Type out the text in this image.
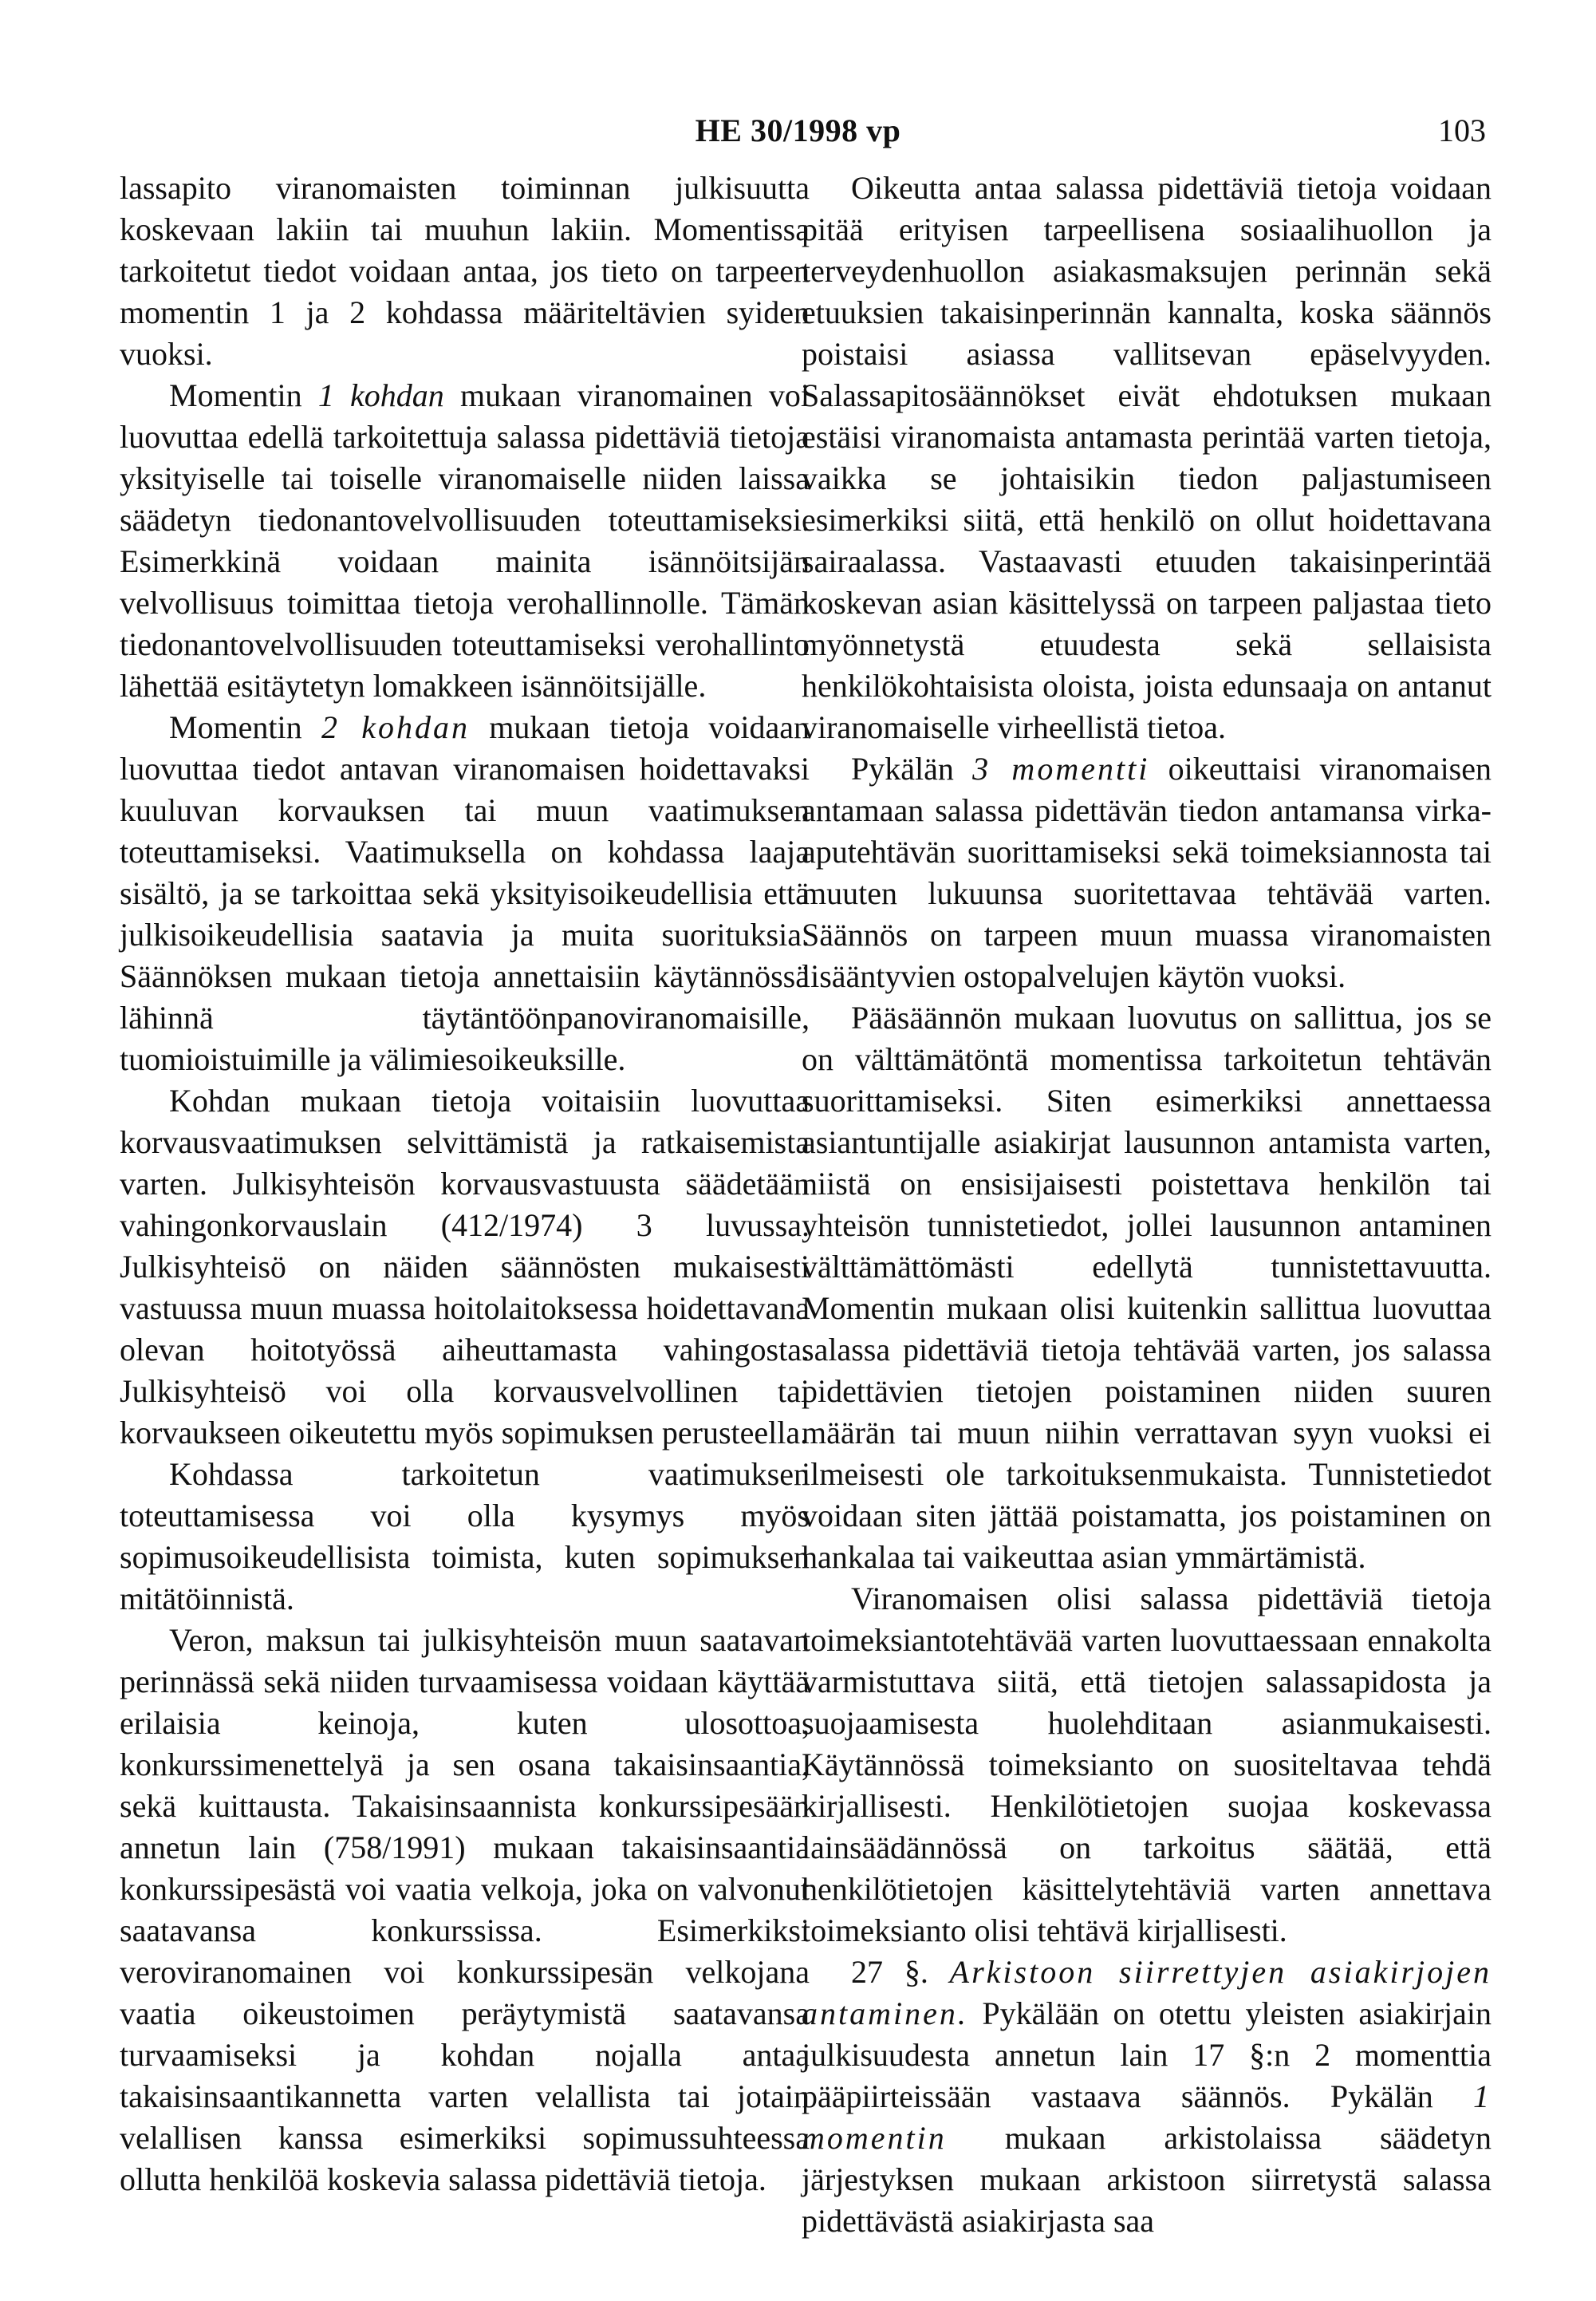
HE 30/1998 vp	103

lassapito viranomaisten toiminnan julkisuutta koskevaan lakiin tai muuhun lakiin. Momentissa tarkoitetut tiedot voidaan antaa, jos tieto on tarpeen momentin 1 ja 2 kohdassa määriteltävien syiden vuoksi.

Momentin 1 kohdan mukaan viranomainen voi luovuttaa edellä tarkoitettuja salassa pidettäviä tietoja yksityiselle tai toiselle viranomaiselle niiden laissa säädetyn tiedonantovelvollisuuden toteuttamiseksi. Esimerkkinä voidaan mainita isännöitsijän velvollisuus toimittaa tietoja verohallinnolle. Tämän tiedonantovelvollisuuden toteuttamiseksi verohallinto lähettää esitäytetyn lomakkeen isännöitsijälle.

Momentin 2 kohdan mukaan tietoja voidaan luovuttaa tiedot antavan viranomaisen hoidettavaksi kuuluvan korvauksen tai muun vaatimuksen toteuttamiseksi. Vaatimuksella on kohdassa laaja sisältö, ja se tarkoittaa sekä yksityisoikeudellisia että julkisoikeudellisia saatavia ja muita suorituksia. Säännöksen mukaan tietoja annettaisiin käytännössä lähinnä täytäntöönpanoviranomaisille, tuomioistuimille ja välimiesoikeuksille.

Kohdan mukaan tietoja voitaisiin luovuttaa korvausvaatimuksen selvittämistä ja ratkaisemista varten. Julkisyhteisön korvausvastuusta säädetään vahingonkorvauslain (412/1974) 3 luvussa. Julkisyhteisö on näiden säännösten mukaisesti vastuussa muun muassa hoitolaitoksessa hoidettavana olevan hoitotyössä aiheuttamasta vahingosta. Julkisyhteisö voi olla korvausvelvollinen tai korvaukseen oikeutettu myös sopimuksen perusteella.

Kohdassa tarkoitetun vaatimuksen toteuttamisessa voi olla kysymys myös sopimusoikeudellisista toimista, kuten sopimuksen mitätöinnistä.

Veron, maksun tai julkisyhteisön muun saatavan perinnässä sekä niiden turvaamisessa voidaan käyttää erilaisia keinoja, kuten ulosottoa, konkurssimenettelyä ja sen osana takaisinsaantia, sekä kuittausta. Takaisinsaannista konkurssipesään annetun lain (758/1991) mukaan takaisinsaantia konkurssipesästä voi vaatia velkoja, joka on valvonut saatavansa konkurssissa. Esimerkiksi veroviranomainen voi konkurssipesän velkojana vaatia oikeustoimen peräytymistä saatavansa turvaamiseksi ja kohdan nojalla antaa takaisinsaantikannetta varten velallista tai jotain velallisen kanssa esimerkiksi sopimussuhteessa ollutta henkilöä koskevia salassa pidettäviä tietoja.

Oikeutta antaa salassa pidettäviä tietoja voidaan pitää erityisen tarpeellisena sosiaalihuollon ja terveydenhuollon asiakasmaksujen perinnän sekä etuuksien takaisinperinnän kannalta, koska säännös poistaisi asiassa vallitsevan epäselvyyden. Salassapitosäännökset eivät ehdotuksen mukaan estäisi viranomaista antamasta perintää varten tietoja, vaikka se johtaisikin tiedon paljastumiseen esimerkiksi siitä, että henkilö on ollut hoidettavana sairaalassa. Vastaavasti etuuden takaisinperintää koskevan asian käsittelyssä on tarpeen paljastaa tieto myönnetystä etuudesta sekä sellaisista henkilökohtaisista oloista, joista edunsaaja on antanut viranomaiselle virheellistä tietoa.

Pykälän 3 momentti oikeuttaisi viranomaisen antamaan salassa pidettävän tiedon antamansa virka-aputehtävän suorittamiseksi sekä toimeksiannosta tai muuten lukuunsa suoritettavaa tehtävää varten. Säännös on tarpeen muun muassa viranomaisten lisääntyvien ostopalvelujen käytön vuoksi.

Pääsäännön mukaan luovutus on sallittua, jos se on välttämätöntä momentissa tarkoitetun tehtävän suorittamiseksi. Siten esimerkiksi annettaessa asiantuntijalle asiakirjat lausunnon antamista varten, niistä on ensisijaisesti poistettava henkilön tai yhteisön tunnistetiedot, jollei lausunnon antaminen välttämättömästi edellytä tunnistettavuutta. Momentin mukaan olisi kuitenkin sallittua luovuttaa salassa pidettäviä tietoja tehtävää varten, jos salassa pidettävien tietojen poistaminen niiden suuren määrän tai muun niihin verrattavan syyn vuoksi ei ilmeisesti ole tarkoituksenmukaista. Tunnistetiedot voidaan siten jättää poistamatta, jos poistaminen on hankalaa tai vaikeuttaa asian ymmärtämistä.

Viranomaisen olisi salassa pidettäviä tietoja toimeksiantotehtävää varten luovuttaessaan ennakolta varmistuttava siitä, että tietojen salassapidosta ja suojaamisesta huolehditaan asianmukaisesti. Käytännössä toimeksianto on suositeltavaa tehdä kirjallisesti. Henkilötietojen suojaa koskevassa lainsäädännössä on tarkoitus säätää, että henkilötietojen käsittelytehtäviä varten annettava toimeksianto olisi tehtävä kirjallisesti.

27 §. Arkistoon siirrettyjen asiakirjojen antaminen. Pykälään on otettu yleisten asiakirjain julkisuudesta annetun lain 17 §:n 2 momenttia pääpiirteissään vastaava säännös. Pykälän 1 momentin mukaan arkistolaissa säädetyn järjestyksen mukaan arkistoon siirretystä salassa pidettävästä asiakirjasta saa
